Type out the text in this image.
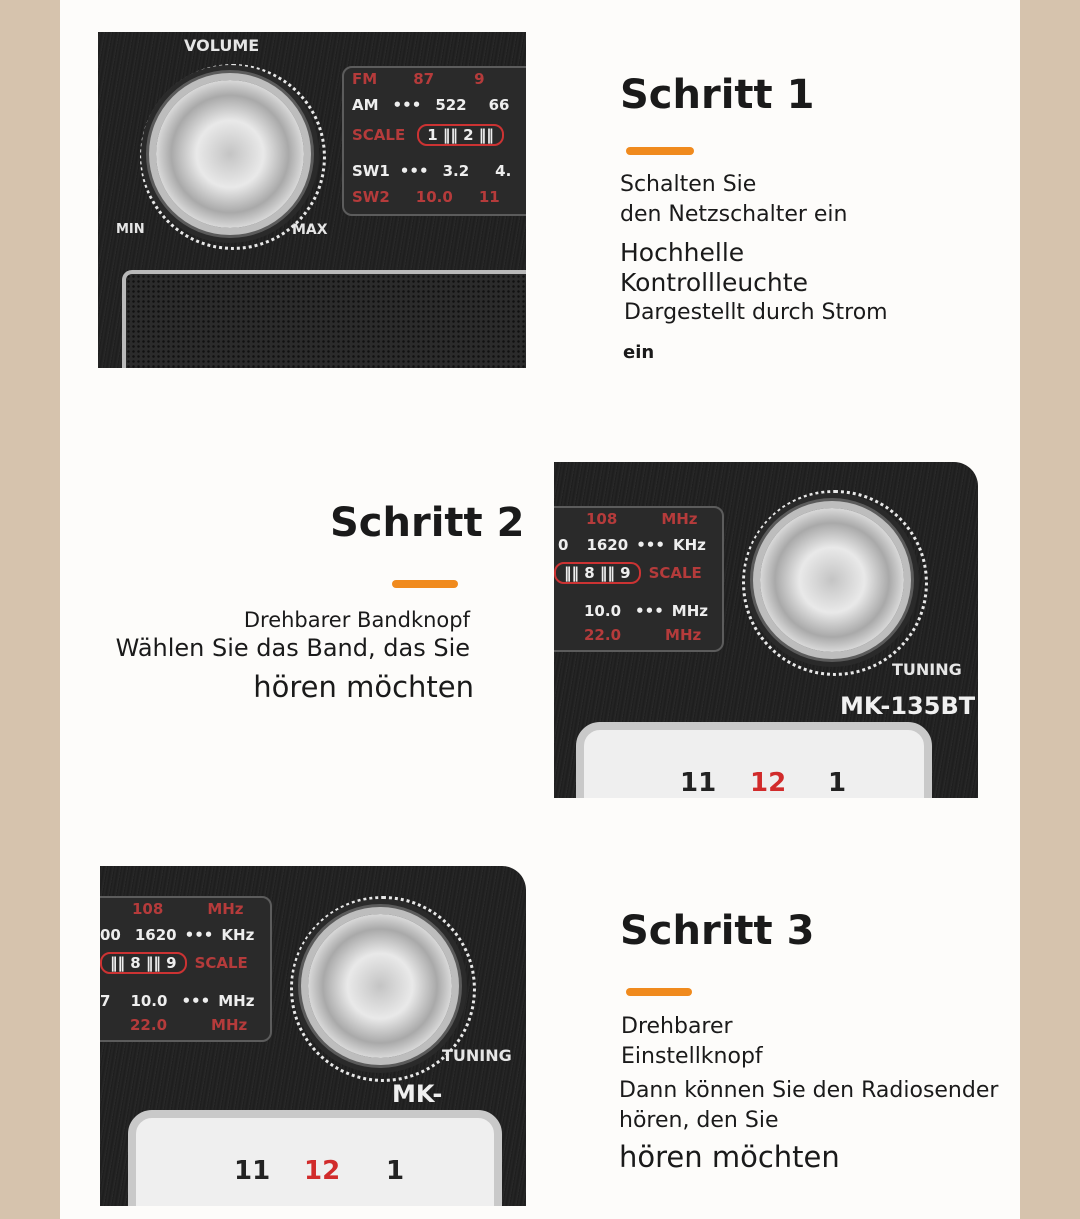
VOLUME
MIN	MAX
FM 87	9
AM ••• 522 66
SCALE 1 ‖‖ 2 ‖‖
SW1 ••• 3.2 4.
SW2 10.0 11
Schritt 1
Schalten Sie
den Netzschalter ein
Hochhelle
Kontrollleuchte
Dargestellt durch Strom
ein
Schritt 2
Drehbarer Bandknopf
Wählen Sie das Band, das Sie
hören möchten
108	MHz
0 1620 ••• KHz
‖‖ 8 ‖‖ 9 SCALE
10.0 ••• MHz
22.0	MHz
TUNING
MK-135BT
11 12 1
108	MHz
00 1620 ••• KHz
‖‖ 8 ‖‖ 9 SCALE
7 10.0 ••• MHz
22.0	MHz
TUNING
MK-
11 12 1
Schritt 3
Drehbarer
Einstellknopf
Dann können Sie den Radiosender
hören, den Sie
hören möchten
